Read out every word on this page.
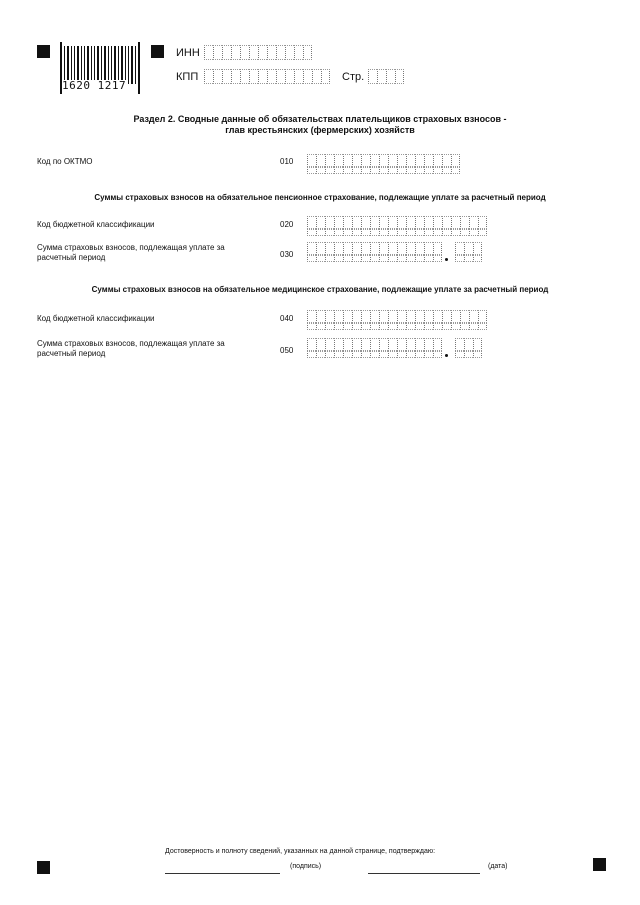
1620 1217
ИНН
КПП	Стр.
Раздел 2. Сводные данные об обязательствах плательщиков страховых взносов -
глав крестьянских (фермерских) хозяйств
Код по ОКТМО	010
Суммы страховых взносов на обязательное пенсионное страхование, подлежащие уплате за расчетный период
Код бюджетной классификации	020
Сумма страховых взносов, подлежащая уплате за
расчетный период	030
Суммы страховых взносов на обязательное медицинское страхование, подлежащие уплате за расчетный период
Код бюджетной классификации	040
Сумма страховых взносов, подлежащая уплате за
расчетный период	050
Достоверность и полноту сведений, указанных на данной странице, подтверждаю:
(подпись)	(дата)
